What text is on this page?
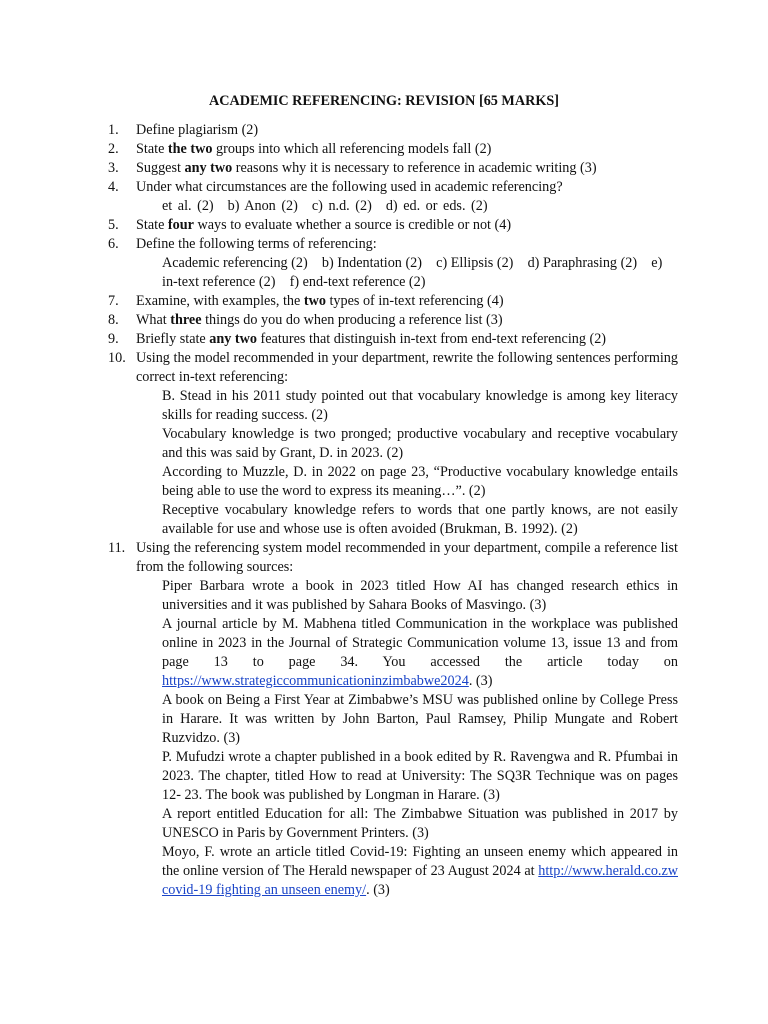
ACADEMIC REFERENCING: REVISION [65 MARKS]
1.	Define plagiarism (2)
2.	State the two groups into which all referencing models fall (2)
3.	Suggest any two reasons why it is necessary to reference in academic writing (3)
4.	Under what circumstances are the following used in academic referencing?
et al. (2) b) Anon (2) c) n.d. (2) d) ed. or eds. (2)
5.	State four ways to evaluate whether a source is credible or not (4)
6.	Define the following terms of referencing:
Academic referencing (2)    b) Indentation (2)    c) Ellipsis (2)    d) Paraphrasing (2)    e)
in-text reference (2)    f) end-text reference (2)
7.	Examine, with examples, the two types of in-text referencing (4)
8.	What three things do you do when producing a reference list (3)
9.	Briefly state any two features that distinguish in-text from end-text referencing (2)
10. Using the model recommended in your department, rewrite the following sentences performing correct in-text referencing:
B. Stead in his 2011 study pointed out that vocabulary knowledge is among key literacy skills for reading success. (2)
Vocabulary knowledge is two pronged; productive vocabulary and receptive vocabulary and this was said by Grant, D. in 2023. (2)
According to Muzzle, D. in 2022 on page 23, “Productive vocabulary knowledge entails being able to use the word to express its meaning…”. (2)
Receptive vocabulary knowledge refers to words that one partly knows, are not easily available for use and whose use is often avoided (Brukman, B. 1992). (2)
11. Using the referencing system model recommended in your department, compile a reference list from the following sources:
Piper Barbara wrote a book in 2023 titled How AI has changed research ethics in universities and it was published by Sahara Books of Masvingo. (3)
A journal article by M. Mabhena titled Communication in the workplace was published online in 2023 in the Journal of Strategic Communication volume 13, issue 13 and from page 13 to page 34. You accessed the article today on https://www.strategiccommunicationinzimbabwe2024. (3)
A book on Being a First Year at Zimbabwe’s MSU was published online by College Press in Harare. It was written by John Barton, Paul Ramsey, Philip Mungate and Robert Ruzvidzo. (3)
P. Mufudzi wrote a chapter published in a book edited by R. Ravengwa and R. Pfumbai in 2023. The chapter, titled How to read at University: The SQ3R Technique was on pages 12- 23. The book was published by Longman in Harare. (3)
A report entitled Education for all: The Zimbabwe Situation was published in 2017 by UNESCO in Paris by Government Printers. (3)
Moyo, F. wrote an article titled Covid-19: Fighting an unseen enemy which appeared in the online version of The Herald newspaper of 23 August 2024 at http://www.herald.co.zw covid-19 fighting an unseen enemy/. (3)
